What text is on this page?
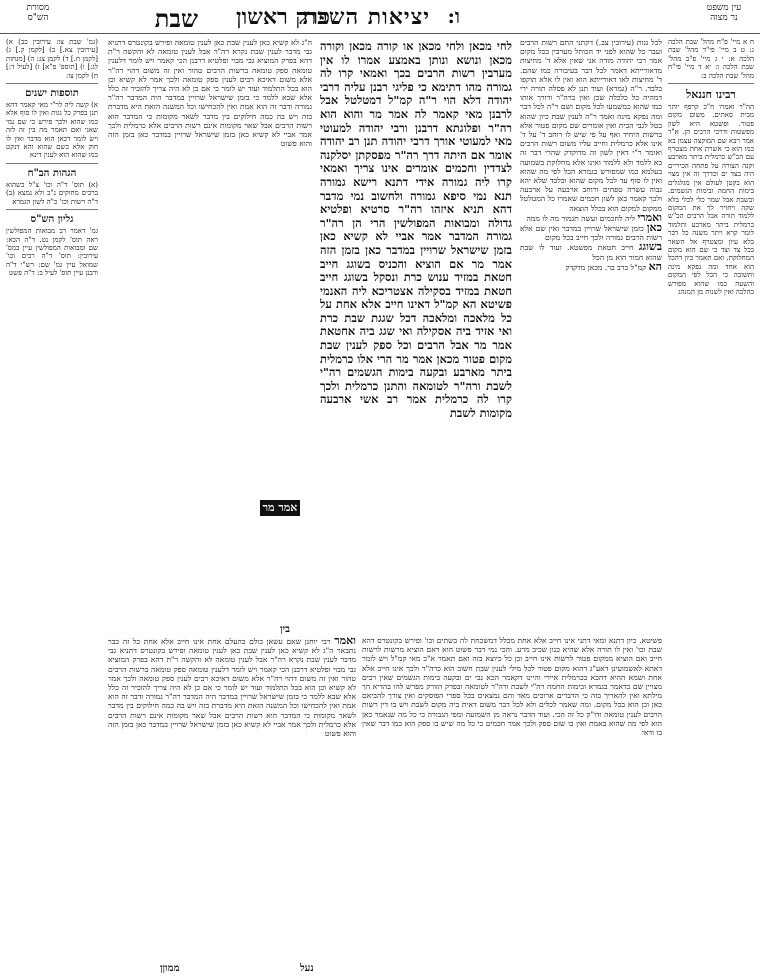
עין משפט
נר מצוה
ו:
יציאות השבת
פרק ראשון
שבת
מסורת
הש"ס
ח א מיי' פ"ח מהל' שבת הלכה ג: ט ב מיי' פי"ד מהל' שבת הלכה א: י ג מיי' פ"ב מהל' שבת הלכה ו: יא ד מיי' פי"ח מהל' שבת הלכה ב:
רבינו חננאל
הה"ר ואמרו ח"כ קרפף יותר מבית סאתים. משום מקום פטור. ופשטא היא לשון מפשטות ודרכי הרבים הן. א"ר אמר רבא שם המוקצה עצמן בא כמו הוא כי אשרת אחת מצטרף עם הכ"ש כרמלית ביתר מארבע וקנה הצורה על פתחה הכיריים היה בצד ים וכדרך זה אין מצוי הוא בקטן לעולם אין מגלגלים בימות החמה ובימות הגשמים. ובשבת אבל שמר כלי לכלי בלא שקה ויחזיר לך את המקום ללמוד תורה אבל הרבים הכ"ש כרמלית ביתר מארבע ותלמוד לומר קרא ויתר משנה כל דבר בלא עיון ומצטרף אל השאר בכל צד וצד כי שם הוא מקום המחלוקת. ואם תאמר כיון דהכל הוא אחד ומה נפקא מינה ותשובה כי הכל לפי המקום והשעה כמו שהוא מפורש בהלכה ואין לשנות מן המנהג
לכל גגות (עירובין צב.) דקתני התם רשות הרבים ועבר כל שהוא לפני יד הכותל מערבין בכל מקום אמר רבי יהודה מודה אני שאין אלא ד' מחיצות מדאורייתא דאמר לכל דבר בעיבורה כמו שהם. ד' מחיצות לאו דאורייתא הוא ואין לו אלא תוקפו בלבד. ר"ה (גמרא) ועוד תנן לא פסלה תורה ירי דמהיה כל כלכלה שכן ואין ברה"ר ודורך אותו כמו שהוא כמשמעו לכל מקום ושם ר"ה לכל דבר ומה נפקא מינה ואמר ר"ה לענין שבת כיון שהוא בטל לגבי הבית ואין אומרים שם מקום פטור אלא ברשות היחיד ואף על פי שיש לו רוחב ד' על ד' אינו אלא כרמלית וחייב עליו משום רשות הרבים ואומר ר"י דאין לשון זה מדוקדק שהרי דבר זה בא ללמד ולא ללמוד ואינו אלא מחלוקת בשמועה בעלמא כמו שמפורש בגמרא הכל לפי מה שהוא ואין לו סוף עד לכל מקום שהוא ובלבד שלא יהא גבוה עשרה טפחים ורוחב ארבעה על ארבעה ולכך קאמר כאן לשון חכמים שאמרו כל המטלטל ממקום למקום הוא בכלל הוצאה
ואמרי ליה לחכמים ועשה תגמור מה לו ממה
כאן כזמן שישראל שרויין במדבר ואין שם אלא רשות הרבים גמורה ולכך חייב בכל מקום
בשוגג חייב חטאת מפשטא. ועוד לו שבת שהוא חמור הוא מן הכל
הא קמ"ל כרב בר. מכאן מדקדק
לחי מכאן ולחי מכאן או קורה מכאן וקורה מכאן ונושא ונותן באמצע אמרו לו אין מערבין רשות הרבים בכך ואמאי קרו לה גמורה מהו דתימא כי פליגי רבנן עליה דרבי יהודה דלא הוי ר"ה קמ"ל דמטלטל אבל לרבנן מאי קאמר לה אמר מר והוא הוא רה"ר ופלוגתא דרבנן ורבי יהודה למעוטי מאי למעוטי אורך דרבי יהודה תנן רב יהודה אומר אם היתה דרך רה"ר מפסקתן יסלקנה לצדדין וחכמים אומרים אינו צריך ואמאי קרו ליה גמורה אידי דתנא רישא גמורה תנא נמי סיפא גמורה ולחשוב נמי מדבר דהא תניא איזהו רה"ר סרטיא ופלטיא גדולה ומבואות המפולשין הרי הן רה"ר גמורה המדבר אמר אביי לא קשיא כאן בזמן שישראל שרויין במדבר כאן בזמן הזה אמר מר אם הוציא והכניס בשוגג חייב חטאת במזיד ענוש כרת ונסקל בשוגג חייב חטאת במזיד בסקילה אצטריכא ליה האנמי פשיטא הא קמ"ל דאינו חייב אלא אחת על כל מלאכה ומלאכה דכל שגגת שבת כרת ואי אזיד ביה אסקילה ואי שגג ביה אחטאת אמר מר אבל הרבים וכל ספק לענין שבת מקום פטור מכאן אמר מר הרי אלו כרמלית ביתר מארבע ובקעה בימות הגשמים רה"י לשבת ורה"ר לטומאה והתנן כרמלית ולכך קרו לה כרמלית אמר רב אשי ארבעה מקומות לשבת
אמר מר
ה"ג לא קשיא כאן לענין שבת כאן לענין טומאה ופירש בקונטרס דתניא גבי מדבר לענין שבת נקרא רה"ר אבל לענין טומאה לא והקשה ר"ת דהא בפרק המוציא גבי מבוי ופלטיא דרבנן הכי קאמר ויש לומר דלענין טומאה ספק טומאה ברשות הרבים טהור ואין זה משום דהוי רה"ר אלא משום דאיכא רבים לענין ספק טומאה ולכך אמר לא קשיא וכן הוא בכל התלמוד ועוד יש לומר כי אם כן לא היה צריך להזכיר זה כלל אלא שבא ללמד כי בזמן שישראל שרויין במדבר היה המדבר רה"ר גמורה ודבר זה הוא אמת ואין להכחישו וכל המשנה הזאת היא מדברת בזה ויש בה כמה חילוקים בין מדבר לשאר מקומות כי המדבר הוא רשות הרבים אבל שאר מקומות אינם רשות הרבים אלא כרמלית ולכך אמר אביי לא קשיא כאן בזמן שישראל שרויין במדבר כאן בזמן הזה והוא פשוט
פשיטא. כיון דתנא ומאי דתני אינו חייב אלא אחת מכלל דמשכחת לה בשתים וכו' ופירש בקונטרס דהא שבת וכו' ואין לו תורה אלא שהיא כגון שכיב מרע. והכי נמי דבר פשוט הוא דאם הוציא מרשות לרשות חייב ואם הוציא ממקום פטור לרשות אינו חייב וכן כל כיוצא בזה ואם תאמר א"כ מאי קמ"ל ויש לומר דאתא לאשמועינן דאע"ג דהוא מקום פטור לכל מילי לענין שבת חשוב הוא כרה"ר ולכך אינו חייב אלא אחת ושמא ההיא דהכא בכרמלית איירי והיינו דקאמר הכא גבי ים ובקעה בימות הגשמים שאין רבים מצויין שם כדאמר בגמרא ובימות החמה רה"י לשבת ורה"ר לטומאה ובפרק הזורק מפרש להו בהדיא הך מילתא ואין להאריך בזה כי הדברים ארוכים מאד והם נמצאים בכל ספרי הפוסקים ואין צורך להביאם כאן וכן הוא בכל מקום. ומה שאמר לכלים ולא לכל דבר משום דאית ביה מקום לשבת ויש בו דין רשות הרבים לענין טומאה ודו"ק כל זה הכי. ועוד הדבר נראה מן השמועה ומפי הגבורה כי כל מה שנאמר כאן הוא לפי מה שהוא באמת ואין בו שום ספק ולכך אמר חכמים כי כל מה שיש בו ספק הוא כמו דבר שאין בו ודאי
ואמר רבי יוחנן שאם עשאן כולם בהעלם אחת אינו חייב אלא אחת כל זה כבר נתבאר ה"ג לא קשיא כאן לענין שבת כאן לענין טומאה ופירש בקונטרס דתניא גבי מדבר לענין שבת נקרא רה"ר אבל לענין טומאה לא והקשה ר"ת דהא בפרק המוציא גבי מבוי ופלטיא דרבנן הכי קאמר ויש לומר דלענין טומאה ספק טומאה ברשות הרבים טהור ואין זה משום דהוי רה"ר אלא משום דאיכא רבים לענין ספק טומאה ולכך אמר לא קשיא וכן הוא בכל התלמוד ועוד יש לומר כי אם כן לא היה צריך להזכיר זה כלל אלא שבא ללמד כי בזמן שישראל שרויין במדבר היה המדבר רה"ר גמורה ודבר זה הוא אמת ואין להכחישו וכל המשנה הזאת היא מדברת בזה ויש בה כמה חילוקים בין מדבר לשאר מקומות כי המדבר הוא רשות הרבים אבל שאר מקומות אינם רשות הרבים אלא כרמלית ולכך אמר אביי לא קשיא כאן בזמן שישראל שרויין במדבר כאן בזמן הזה והוא פשוט
(גמ' שבת צו: עירובין כב) א) [עירובין צא.] ב) [לקמן ק.] ג) [לקמן ח.] ד) לקמן צג: ה) [מנחות לג:] ו) [תוספ' פ"א] ז) [לעיל ד:] ח) לקמן צו:
תוספות ישנים
א) קשה ליה לר"י מאי קאמר דהא תנן בפרק כל גגות ואין לו סוף אלא כמו שהוא ולכך פירש כי שם נמי שאני ואם תאמר מה בין זה לזה ויש לומר דכאן הוא מדבר ואין לו חוק אלא כשם שהוא והא דנקט כמו שהוא הוא לענין דינא
הגהות הב"ח
(א) תוס' ד"ה וכו' צ"ל כשהוא ברבים מחוקים נ"ב ולא נמצא (ב) ד"ה רשות וכו' כ"ה לשון הגמרא
גליון הש"ס
גמ' דאמר רב מבואות המפולשין ראה תוס' לקמן נט. ד"ה הכא: שם ומבואות המפולשין עיין במס' עירובין: תוס' ד"ה רבים וכו' שמואל עיין גמ' שם: רש"י ד"ה ורבנן עיין תוס' לעיל ב: ד"ה פשט
בין
נעל
ממוןן
